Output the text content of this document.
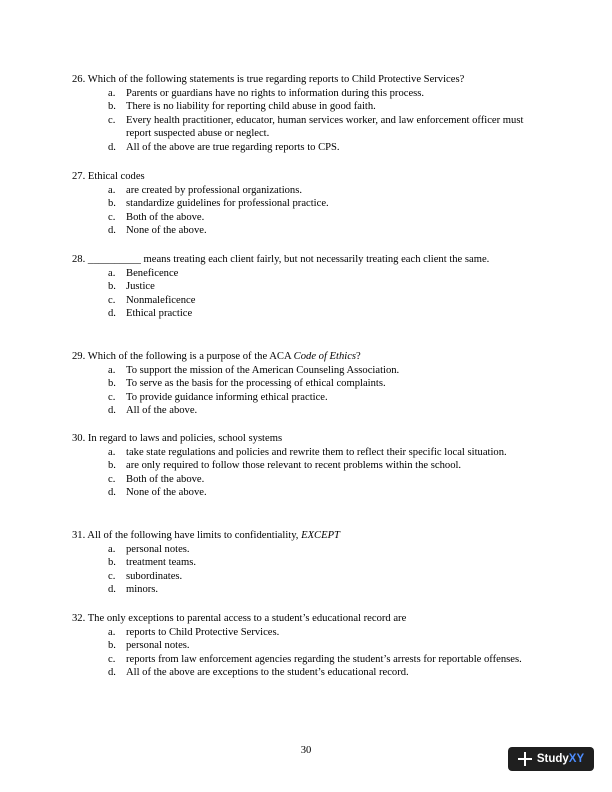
26. Which of the following statements is true regarding reports to Child Protective Services?

a. Parents or guardians have no rights to information during this process.
b. There is no liability for reporting child abuse in good faith.
c. Every health practitioner, educator, human services worker, and law enforcement officer must report suspected abuse or neglect.
d. All of the above are true regarding reports to CPS.

27. Ethical codes

a. are created by professional organizations.
b. standardize guidelines for professional practice.
c. Both of the above.
d. None of the above.

28. __________ means treating each client fairly, but not necessarily treating each client the same.

a. Beneficence
b. Justice
c. Nonmaleficence
d. Ethical practice

29. Which of the following is a purpose of the ACA Code of Ethics?

a. To support the mission of the American Counseling Association.
b. To serve as the basis for the processing of ethical complaints.
c. To provide guidance informing ethical practice.
d. All of the above.

30. In regard to laws and policies, school systems

a. take state regulations and policies and rewrite them to reflect their specific local situation.
b. are only required to follow those relevant to recent problems within the school.
c. Both of the above.
d. None of the above.

31. All of the following have limits to confidentiality, EXCEPT

a. personal notes.
b. treatment teams.
c. subordinates.
d. minors.

32. The only exceptions to parental access to a student’s educational record are

a. reports to Child Protective Services.
b. personal notes.
c. reports from law enforcement agencies regarding the student’s arrests for reportable offenses.
d. All of the above are exceptions to the student’s educational record.
30
Study XY
